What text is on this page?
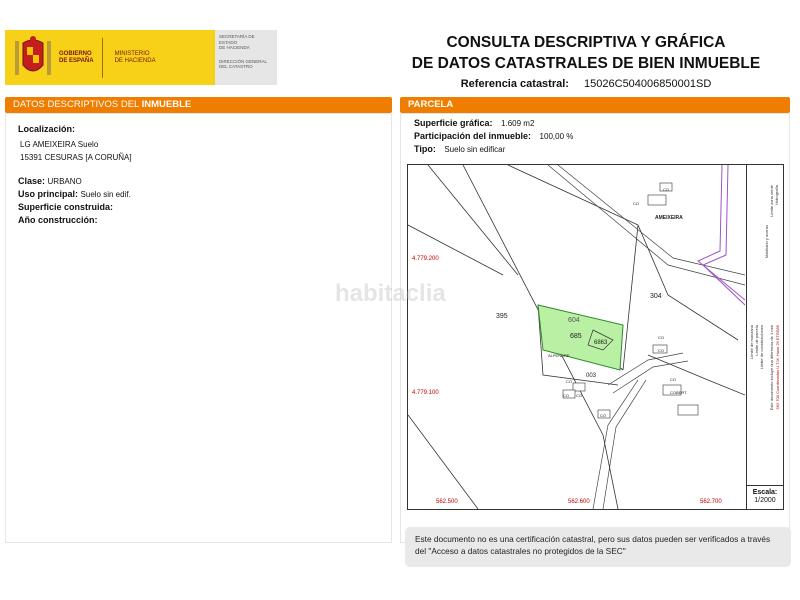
GOBIERNO
DE ESPAÑA
MINISTERIO
DE HACIENDA
SECRETARÍA DE ESTADO
DE HACIENDA
DIRECCIÓN GENERAL
DEL CATASTRO
CONSULTA DESCRIPTIVA Y GRÁFICA
DE DATOS CATASTRALES DE BIEN INMUEBLE
Referencia catastral: 15026C504006850001SD
DATOS DESCRIPTIVOS DEL INMUEBLE	PARCELA
Localización:
LG AMEIXEIRA Suelo
15391 CESURAS [A CORUÑA]
Clase: URBANO
Uso principal: Suelo sin edif.
Superficie construida:
Año construcción:
Superficie gráfica: 1.609 m2
Participación del inmueble: 100,00 %
Tipo: Suelo sin edificar
395
604
685
6863
304
003
AMEIXEIRA
ALPENDRE
COBERT.
CO
CO
CO
CO
CO
CO CO
CO
CO
4.779.200
4.779.100
562.500	562.600	562.700
Límite de manzana Límite de parcela Límite de construcciones
Mobiliario y aceras
Límite zona verde Hidrografía
Este documento incluye una diferencia de 1 mm 562.700 Coordenadas U.T.M. Huso 29 ETRS89
Escala:
1/2000
habitaclia
Este documento no es una certificación catastral, pero sus datos pueden ser verificados a través del "Acceso a datos catastrales no protegidos de la SEC"
